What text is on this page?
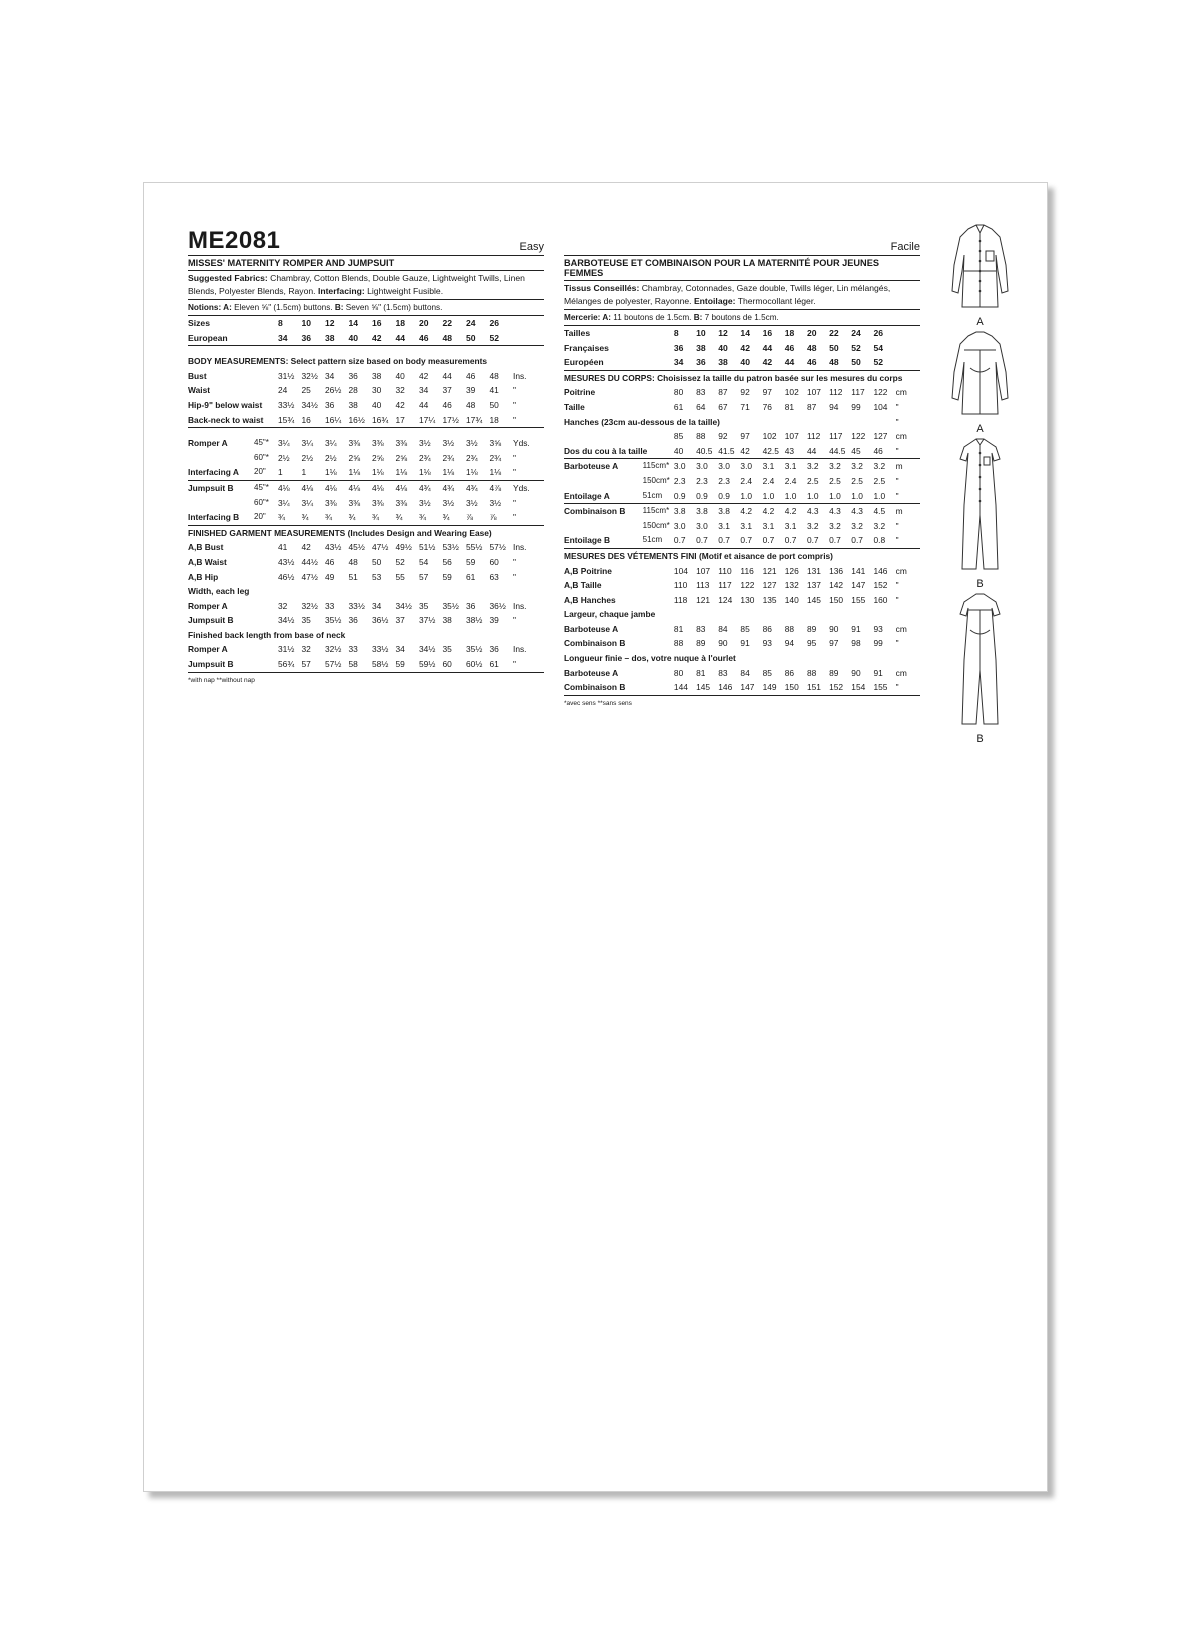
ME2081	Easy
MISSES' MATERNITY ROMPER AND JUMPSUIT
Suggested Fabrics: Chambray, Cotton Blends, Double Gauze, Lightweight Twills, Linen Blends, Polyester Blends, Rayon. Interfacing: Lightweight Fusible.
Notions: A: Eleven ⅝" (1.5cm) buttons. B: Seven ⅝" (1.5cm) buttons.
Sizes		8	10	12	14	16	18	20	22	24	26	
European		34	36	38	40	42	44	46	48	50	52	

BODY MEASUREMENTS: Select pattern size based on body measurements												
Bust		31½	32½	34	36	38	40	42	44	46	48	Ins.
Waist		24	25	26½	28	30	32	34	37	39	41	"
Hip-9" below waist		33½	34½	36	38	40	42	44	46	48	50	"
Back-neck to waist		15¾	16	16¼	16½	16¾	17	17¼	17½	17¾	18	"

Romper A	45"*	3¼	3¼	3¼	3⅜	3⅜	3⅜	3½	3½	3½	3⅝	Yds.
	60"*	2½	2½	2½	2⅝	2⅝	2⅝	2¾	2¾	2¾	2¾	"
Interfacing A	20"	1	1	1⅛	1⅛	1⅛	1⅛	1⅛	1⅛	1⅛	1⅛	"
Jumpsuit B	45"*	4⅛	4⅛	4⅛	4⅛	4⅛	4⅛	4¾	4¾	4¾	4⅞	Yds.
	60"*	3¼	3¼	3⅜	3⅜	3⅜	3⅜	3½	3½	3½	3½	"
Interfacing B	20"	¾	¾	¾	¾	¾	¾	¾	¾	⅞	⅞	"
FINISHED GARMENT MEASUREMENTS (Includes Design and Wearing Ease)												
A,B Bust		41	42	43½	45½	47½	49½	51½	53½	55½	57½	Ins.
A,B Waist		43½	44½	46	48	50	52	54	56	59	60	"
A,B Hip		46½	47½	49	51	53	55	57	59	61	63	"
Width, each leg												
Romper A		32	32½	33	33½	34	34½	35	35½	36	36½	Ins.
Jumpsuit B		34½	35	35½	36	36½	37	37½	38	38½	39	"
Finished back length from base of neck												
Romper A		31½	32	32½	33	33½	34	34½	35	35½	36	Ins.
Jumpsuit B		56¾	57	57½	58	58½	59	59½	60	60½	61	"
*with nap **without nap
Facile
BARBOTEUSE ET COMBINAISON POUR LA MATERNITÉ POUR JEUNES FEMMES
Tissus Conseillés: Chambray, Cotonnades, Gaze double, Twills léger, Lin mélangés, Mélanges de polyester, Rayonne. Entoilage: Thermocollant léger.
Mercerie: A: 11 boutons de 1.5cm. B: 7 boutons de 1.5cm.
Tailles		8	10	12	14	16	18	20	22	24	26	
Françaises		36	38	40	42	44	46	48	50	52	54	
Européen		34	36	38	40	42	44	46	48	50	52	
MESURES DU CORPS: Choisissez la taille du patron basée sur les mesures du corps												
Poitrine		80	83	87	92	97	102	107	112	117	122	cm
Taille		61	64	67	71	76	81	87	94	99	104	"
Hanches (23cm au-dessous de la taille)												"
		85	88	92	97	102	107	112	117	122	127	cm
Dos du cou à la taille		40	40.5	41.5	42	42.5	43	44	44.5	45	46	"
Barboteuse A	115cm*	3.0	3.0	3.0	3.0	3.1	3.1	3.2	3.2	3.2	3.2	m
	150cm*	2.3	2.3	2.3	2.4	2.4	2.4	2.5	2.5	2.5	2.5	"
Entoilage A	51cm	0.9	0.9	0.9	1.0	1.0	1.0	1.0	1.0	1.0	1.0	"
Combinaison B	115cm*	3.8	3.8	3.8	4.2	4.2	4.2	4.3	4.3	4.3	4.5	m
	150cm*	3.0	3.0	3.1	3.1	3.1	3.1	3.2	3.2	3.2	3.2	"
Entoilage B	51cm	0.7	0.7	0.7	0.7	0.7	0.7	0.7	0.7	0.7	0.8	"
MESURES DES VÉTEMENTS FINI (Motif et aisance de port compris)												
A,B Poitrine		104	107	110	116	121	126	131	136	141	146	cm
A,B Taille		110	113	117	122	127	132	137	142	147	152	"
A,B Hanches		118	121	124	130	135	140	145	150	155	160	"
Largeur, chaque jambe												
Barboteuse A		81	83	84	85	86	88	89	90	91	93	cm
Combinaison B		88	89	90	91	93	94	95	97	98	99	"
Longueur finie – dos, votre nuque à l'ourlet												
Barboteuse A		80	81	83	84	85	86	88	89	90	91	cm
Combinaison B		144	145	146	147	149	150	151	152	154	155	"
*avec sens **sans sens
A
A
B
B
